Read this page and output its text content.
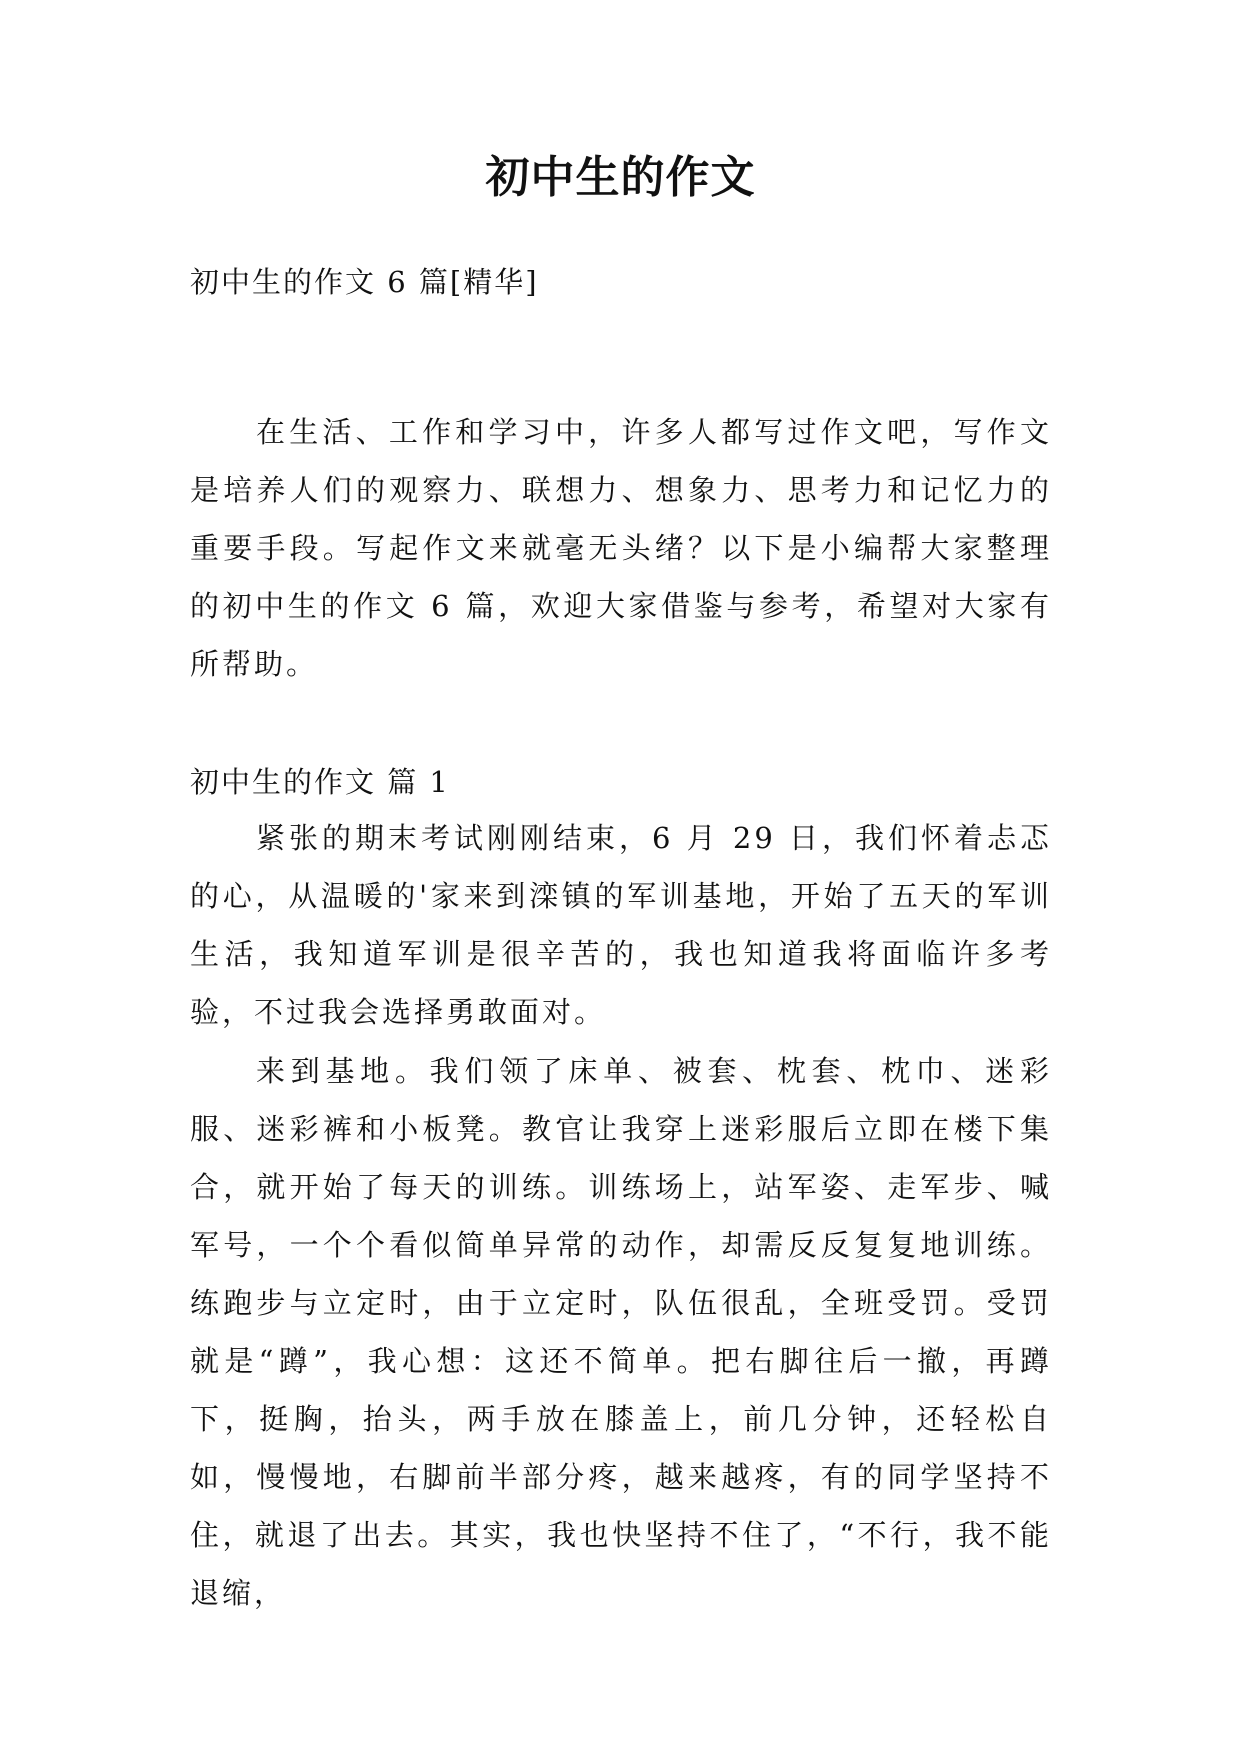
初中生的作文
初中生的作文 6 篇[精华]

在生活、工作和学习中，许多人都写过作文吧，写作文是培养人们的观察力、联想力、想象力、思考力和记忆力的重要手段。写起作文来就毫无头绪？以下是小编帮大家整理的初中生的作文 6 篇，欢迎大家借鉴与参考，希望对大家有所帮助。

初中生的作文 篇 1

紧张的期末考试刚刚结束，6 月 29 日，我们怀着忐忑的心，从温暖的'家来到滦镇的军训基地，开始了五天的军训生活，我知道军训是很辛苦的，我也知道我将面临许多考验，不过我会选择勇敢面对。

来到基地。我们领了床单、被套、枕套、枕巾、迷彩服、迷彩裤和小板凳。教官让我穿上迷彩服后立即在楼下集合，就开始了每天的训练。训练场上，站军姿、走军步、喊军号，一个个看似简单异常的动作，却需反反复复地训练。 练跑步与立定时，由于立定时，队伍很乱，全班受罚。受罚就是“蹲”，我心想：这还不简单。把右脚往后一撤，再蹲下，挺胸，抬头，两手放在膝盖上，前几分钟，还轻松自如，慢慢地，右脚前半部分疼，越来越疼，有的同学坚持不住，就退了出去。其实，我也快坚持不住了，“不行，我不能退缩，
